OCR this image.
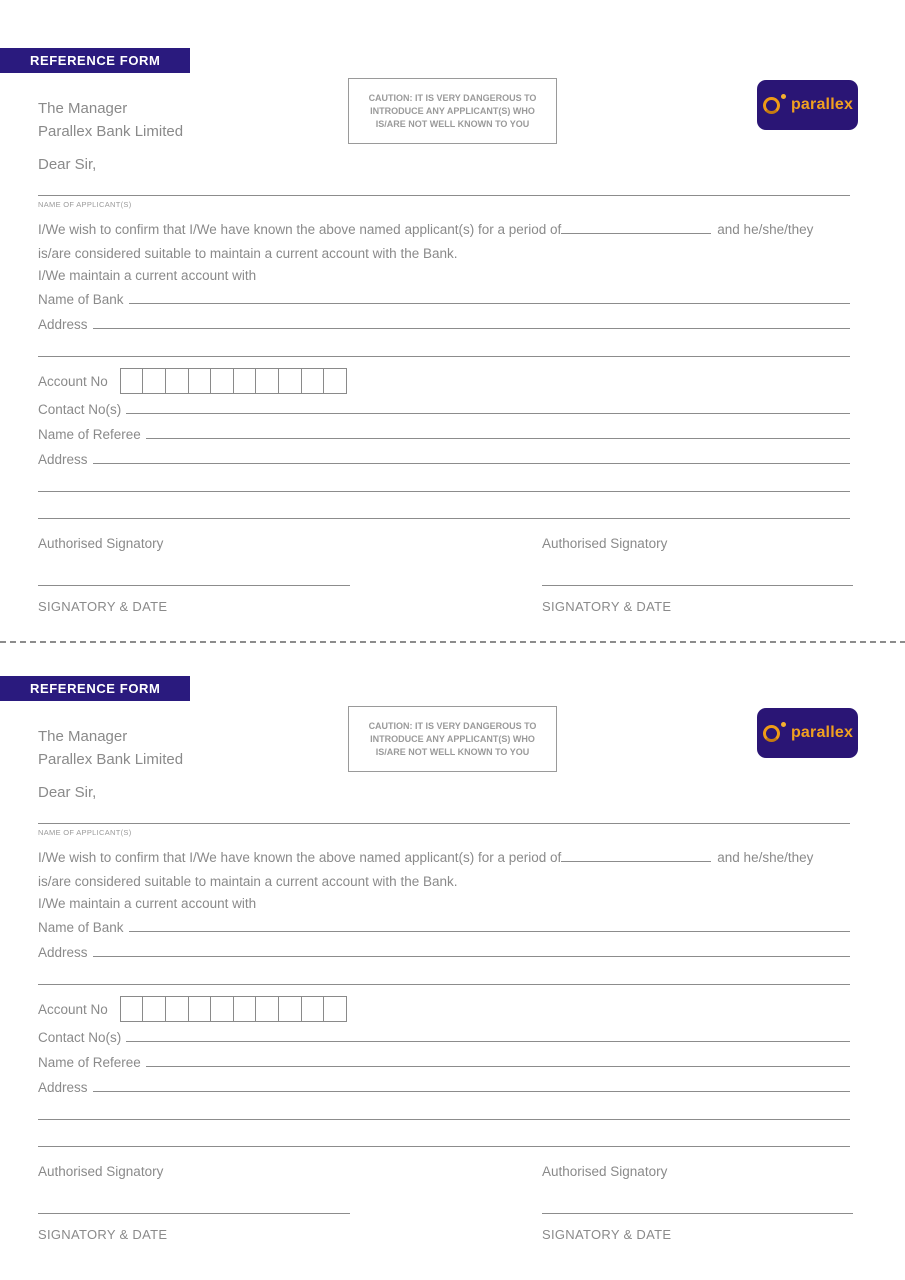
REFERENCE FORM
The Manager
Parallex Bank Limited
CAUTION: IT IS VERY DANGEROUS TO
INTRODUCE ANY APPLICANT(S) WHO
IS/ARE NOT WELL KNOWN TO YOU
parallex
Dear Sir,
NAME OF APPLICANT(S)
I/We wish to confirm that I/We have known the above named applicant(s) for a period of	and he/she/they
is/are considered suitable to maintain a current account with the Bank.
I/We maintain a current account with
Name of Bank
Address
Account No
Contact No(s)
Name of Referee
Address
Authorised Signatory	Authorised Signatory
SIGNATORY & DATE	SIGNATORY & DATE
REFERENCE FORM
The Manager
Parallex Bank Limited
CAUTION: IT IS VERY DANGEROUS TO
INTRODUCE ANY APPLICANT(S) WHO
IS/ARE NOT WELL KNOWN TO YOU
parallex
Dear Sir,
NAME OF APPLICANT(S)
I/We wish to confirm that I/We have known the above named applicant(s) for a period of	and he/she/they
is/are considered suitable to maintain a current account with the Bank.
I/We maintain a current account with
Name of Bank
Address
Account No
Contact No(s)
Name of Referee
Address
Authorised Signatory	Authorised Signatory
SIGNATORY & DATE	SIGNATORY & DATE
